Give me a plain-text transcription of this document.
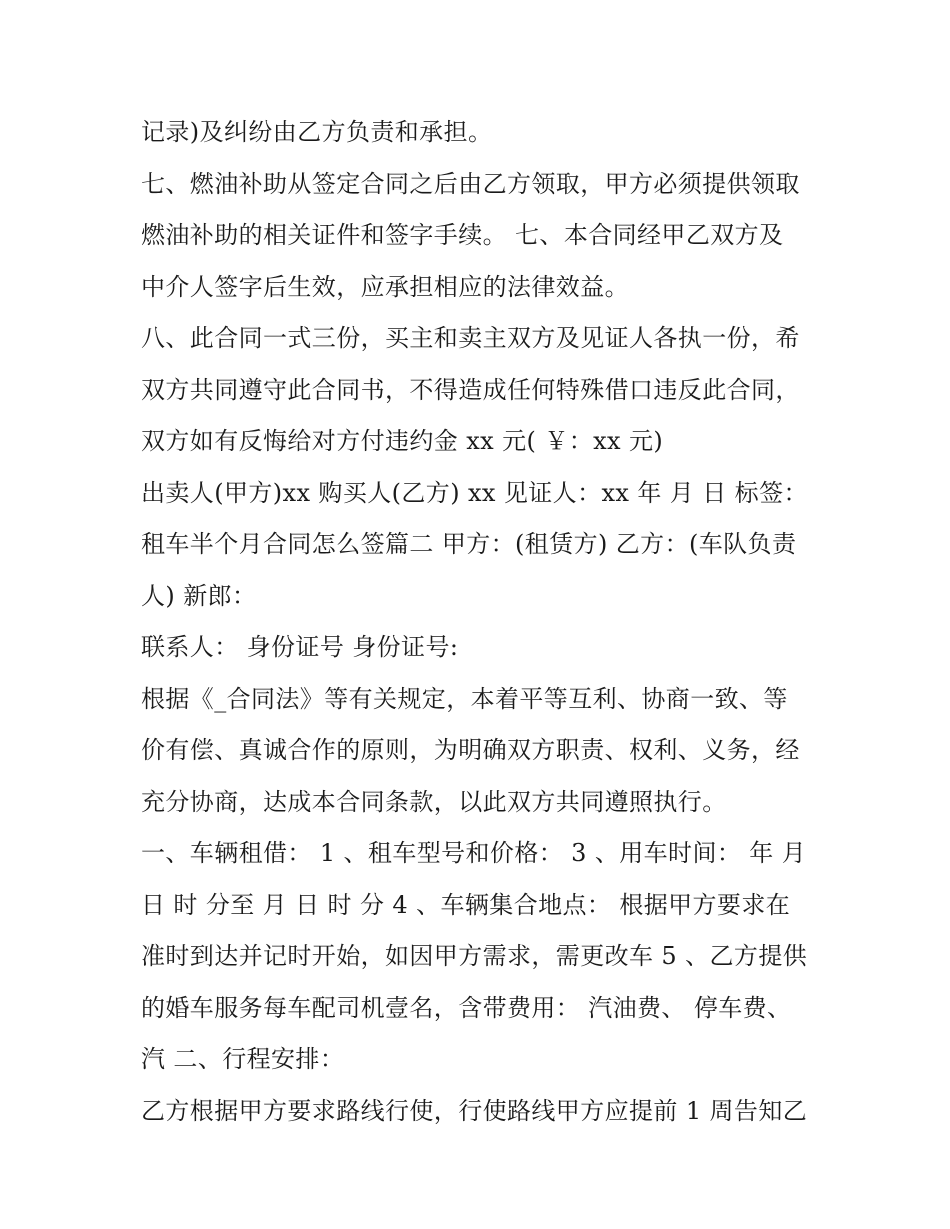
记录)及纠纷由乙方负责和承担。
七、燃油补助从签定合同之后由乙方领取，甲方必须提供领取
燃油补助的相关证件和签字手续。 七、本合同经甲乙双方及
中介人签字后生效，应承担相应的法律效益。
八、此合同一式三份，买主和卖主双方及见证人各执一份，希
双方共同遵守此合同书，不得造成任何特殊借口违反此合同，
双方如有反悔给对方付违约金 xx 元( ￥：xx 元)
出卖人(甲方)xx 购买人(乙方) xx 见证人：xx 年 月 日 标签：
租车半个月合同怎么签篇二 甲方：(租赁方) 乙方：(车队负责
人) 新郎：
联系人： 身份证号 身份证号:
根据《_合同法》等有关规定，本着平等互利、协商一致、等
价有偿、真诚合作的原则，为明确双方职责、权利、义务，经
充分协商，达成本合同条款，以此双方共同遵照执行。
一、车辆租借： 1 、租车型号和价格： 3 、用车时间： 年 月
日 时 分至 月 日 时 分 4 、车辆集合地点： 根据甲方要求在
准时到达并记时开始，如因甲方需求，需更改车 5 、乙方提供
的婚车服务每车配司机壹名，含带费用： 汽油费、 停车费、
汽 二、行程安排：
乙方根据甲方要求路线行使，行使路线甲方应提前 1 周告知乙
